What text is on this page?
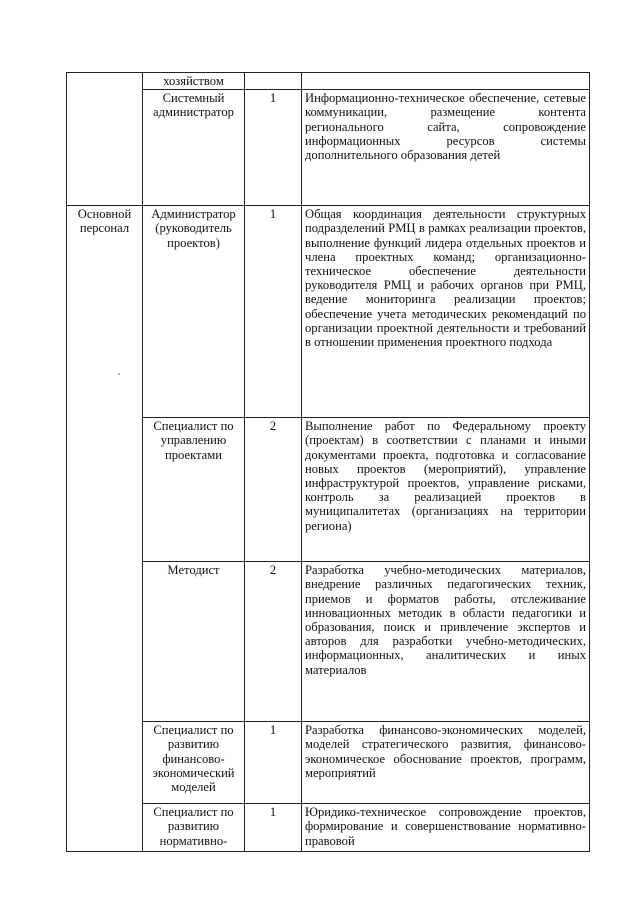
	хозяйством		
	Системный администратор	1	Информационно-техническое обеспечение, сетевые коммуникации, размещение контента регионального сайта, сопровождение информационных ресурсов системы дополнительного образования детей
Основной персонал	Администратор (руководитель проектов)	1	Общая координация деятельности структурных подразделений РМЦ в рамках реализации проектов, выполнение функций лидера отдельных проектов и члена проектных команд; организационно-техническое обеспечение деятельности руководителя РМЦ и рабочих органов при РМЦ, ведение мониторинга реализации проектов; обеспечение учета методических рекомендаций по организации проектной деятельности и требований в отношении применения проектного подхода
	Специалист по управлению проектами	2	Выполнение работ по Федеральному проекту (проектам) в соответствии с планами и иными документами проекта, подготовка и согласование новых проектов (мероприятий), управление инфраструктурой проектов, управление рисками, контроль за реализацией проектов в муниципалитетах (организациях на территории региона)
	Методист	2	Разработка учебно-методических материалов, внедрение различных педагогических техник, приемов и форматов работы, отслеживание инновационных методик в области педагогики и образования, поиск и привлечение экспертов и авторов для разработки учебно-методических, информационных, аналитических и иных материалов
	Специалист по развитию финансово-экономический моделей	1	Разработка финансово-экономических моделей, моделей стратегического развития, финансово-экономическое обоснование проектов, программ, мероприятий
	Специалист по развитию нормативно-	1	Юридико-техническое сопровождение проектов, формирование и совершенствование нормативно-правовой
